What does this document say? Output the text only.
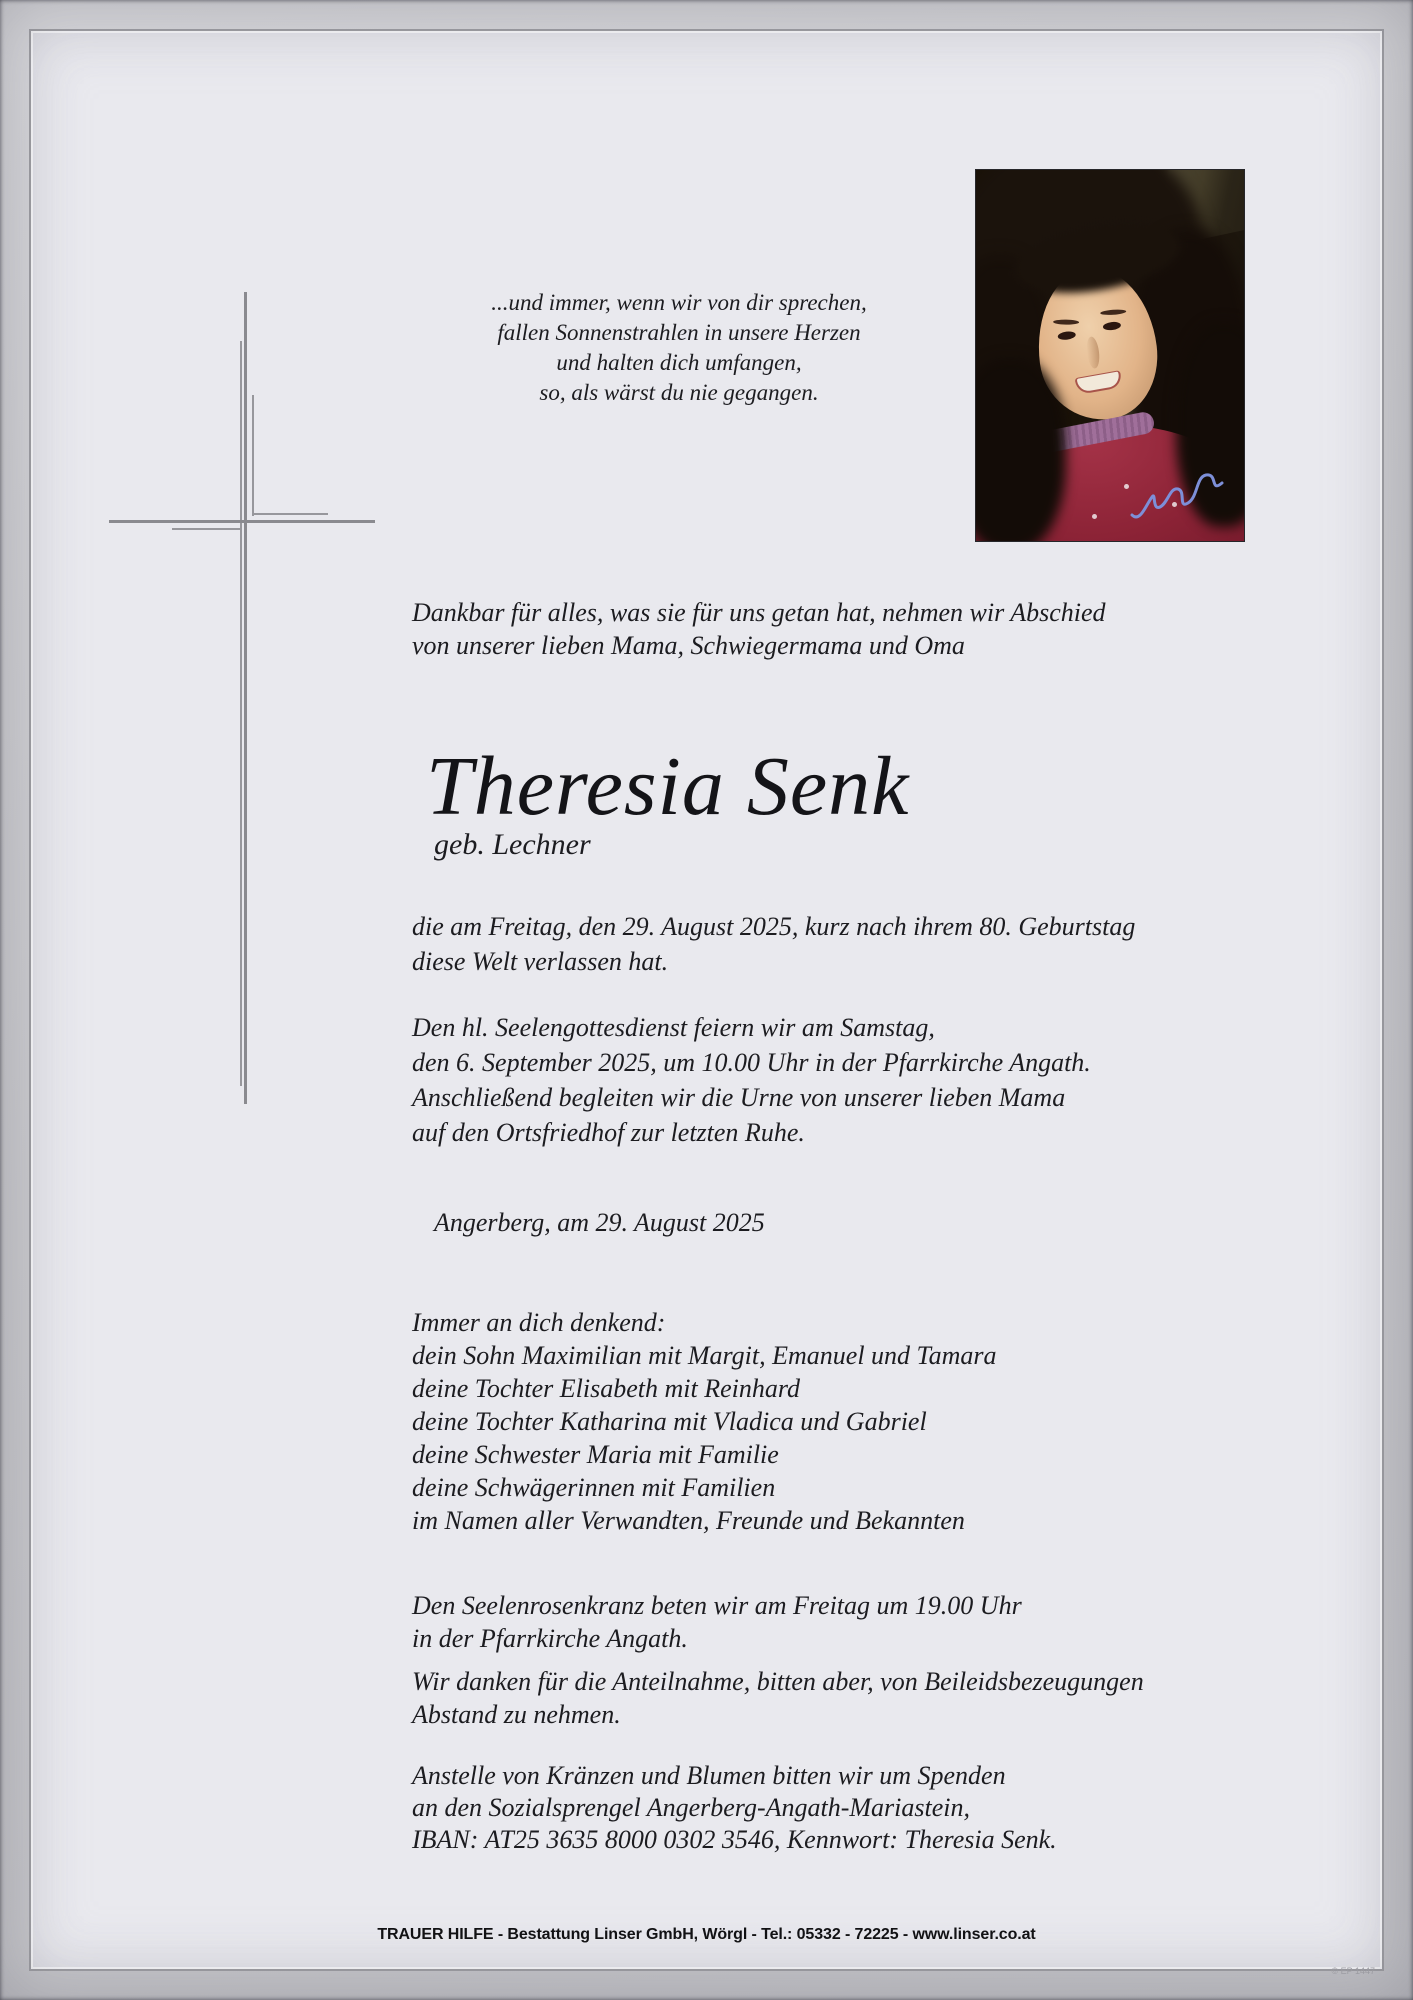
...und immer, wenn wir von dir sprechen,
fallen Sonnenstrahlen in unsere Herzen
und halten dich umfangen,
so, als wärst du nie gegangen.
Dankbar für alles, was sie für uns getan hat, nehmen wir Abschied
von unserer lieben Mama, Schwiegermama und Oma
Theresia Senk
geb. Lechner
die am Freitag, den 29. August 2025, kurz nach ihrem 80. Geburtstag
diese Welt verlassen hat.
Den hl. Seelengottesdienst feiern wir am Samstag,
den 6. September 2025, um 10.00 Uhr in der Pfarrkirche Angath.
Anschließend begleiten wir die Urne von unserer lieben Mama
auf den Ortsfriedhof zur letzten Ruhe.
Angerberg, am 29. August 2025
Immer an dich denkend:
dein Sohn Maximilian mit Margit, Emanuel und Tamara
deine Tochter Elisabeth mit Reinhard
deine Tochter Katharina mit Vladica und Gabriel
deine Schwester Maria mit Familie
deine Schwägerinnen mit Familien
im Namen aller Verwandten, Freunde und Bekannten
Den Seelenrosenkranz beten wir am Freitag um 19.00 Uhr
in der Pfarrkirche Angath.
Wir danken für die Anteilnahme, bitten aber, von Beileidsbezeugungen
Abstand zu nehmen.
Anstelle von Kränzen und Blumen bitten wir um Spenden
an den Sozialsprengel Angerberg-Angath-Mariastein,
IBAN: AT25 3635 8000 0302 3546, Kennwort: Theresia Senk.
TRAUER HILFE - Bestattung Linser GmbH, Wörgl - Tel.: 05332 - 72225 - www.linser.co.at
© EP 1447
